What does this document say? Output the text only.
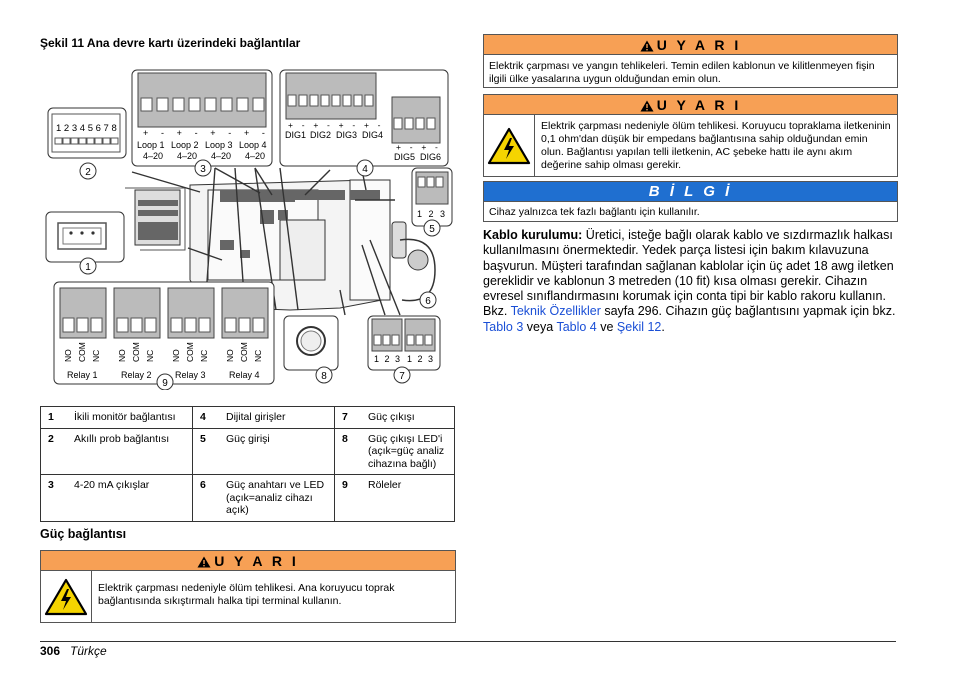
Şekil 11 Ana devre kartı üzerindeki bağlantılar
1 2 3 4 5 6 7 8	+ - + - + - + -
Loop 1 Loop 2 Loop 3 Loop 4
4–20 4–20 4–20 4–20
+ - + - + - + -
DIG1 DIG2 DIG3 DIG4
+ - + -
DIG5 DIG6
1 2 3
1 2 3 1 2 3
NO COM NC NO COM NC NO COM NC NO COM NC
Relay 1	Relay 2	Relay 3	Relay 4
1
2	3	4
5
6
7
8
9
1	İkili monitör bağlantısı	4	Dijital girişler	7	Güç çıkışı
2	Akıllı prob bağlantısı	5	Güç girişi	8	Güç çıkışı LED'i (açık=güç analiz cihazına bağlı)
3	4-20 mA çıkışlar	6	Güç anahtarı ve LED (açık=analiz cihazı açık)	9	Röleler
Güç bağlantısı
U Y A R I
Elektrik çarpması nedeniyle ölüm tehlikesi. Ana koruyucu toprak bağlantısında sıkıştırmalı halka tipi terminal kullanın.
U Y A R I
Elektrik çarpması ve yangın tehlikeleri. Temin edilen kablonun ve kilitlenmeyen fişin ilgili ülke yasalarına uygun olduğundan emin olun.
U Y A R I
Elektrik çarpması nedeniyle ölüm tehlikesi. Koruyucu topraklama iletkeninin 0,1 ohm'dan düşük bir empedans bağlantısına sahip olduğundan emin olun. Bağlantısı yapılan telli iletkenin, AC şebeke hattı ile aynı akım değerine sahip olması gerekir.
B İ L G İ
Cihaz yalnızca tek fazlı bağlantı için kullanılır.
Kablo kurulumu: Üretici, isteğe bağlı olarak kablo ve sızdırmazlık halkası kullanılmasını önermektedir. Yedek parça listesi için bakım kılavuzuna başvurun. Müşteri tarafından sağlanan kablolar için üç adet 18 awg iletken gereklidir ve kablonun 3 metreden (10 fit) kısa olması gerekir. Cihazın evresel sınıflandırmasını korumak için conta tipi bir kablo rakoru kullanın. Bkz. Teknik Özellikler sayfa 296. Cihazın güç bağlantısını yapmak için bkz. Tablo 3 veya Tablo 4 ve Şekil 12.
306 Türkçe
